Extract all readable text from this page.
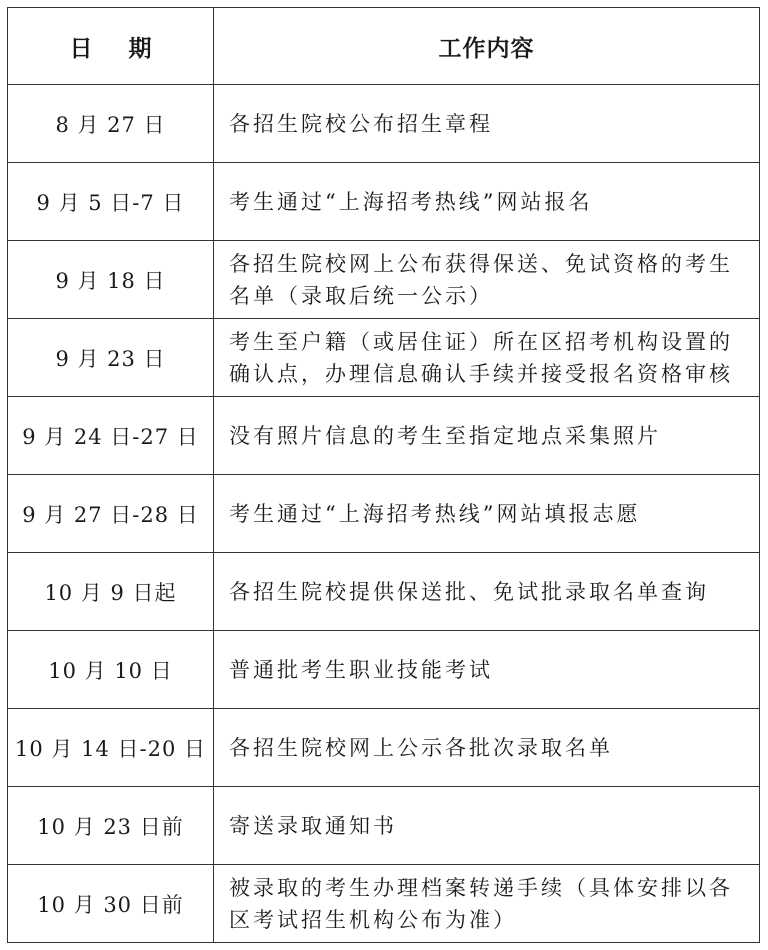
日 期	工作内容
8 月 27 日	各招生院校公布招生章程
9 月 5 日-7 日	考生通过“上海招考热线”网站报名
9 月 18 日	各招生院校网上公布获得保送、免试资格的考生名单（录取后统一公示）
9 月 23 日	考生至户籍（或居住证）所在区招考机构设置的确认点，办理信息确认手续并接受报名资格审核
9 月 24 日-27 日	没有照片信息的考生至指定地点采集照片
9 月 27 日-28 日	考生通过“上海招考热线”网站填报志愿
10 月 9 日起	各招生院校提供保送批、免试批录取名单查询
10 月 10 日	普通批考生职业技能考试
10 月 14 日-20 日	各招生院校网上公示各批次录取名单
10 月 23 日前	寄送录取通知书
10 月 30 日前	被录取的考生办理档案转递手续（具体安排以各区考试招生机构公布为准）
